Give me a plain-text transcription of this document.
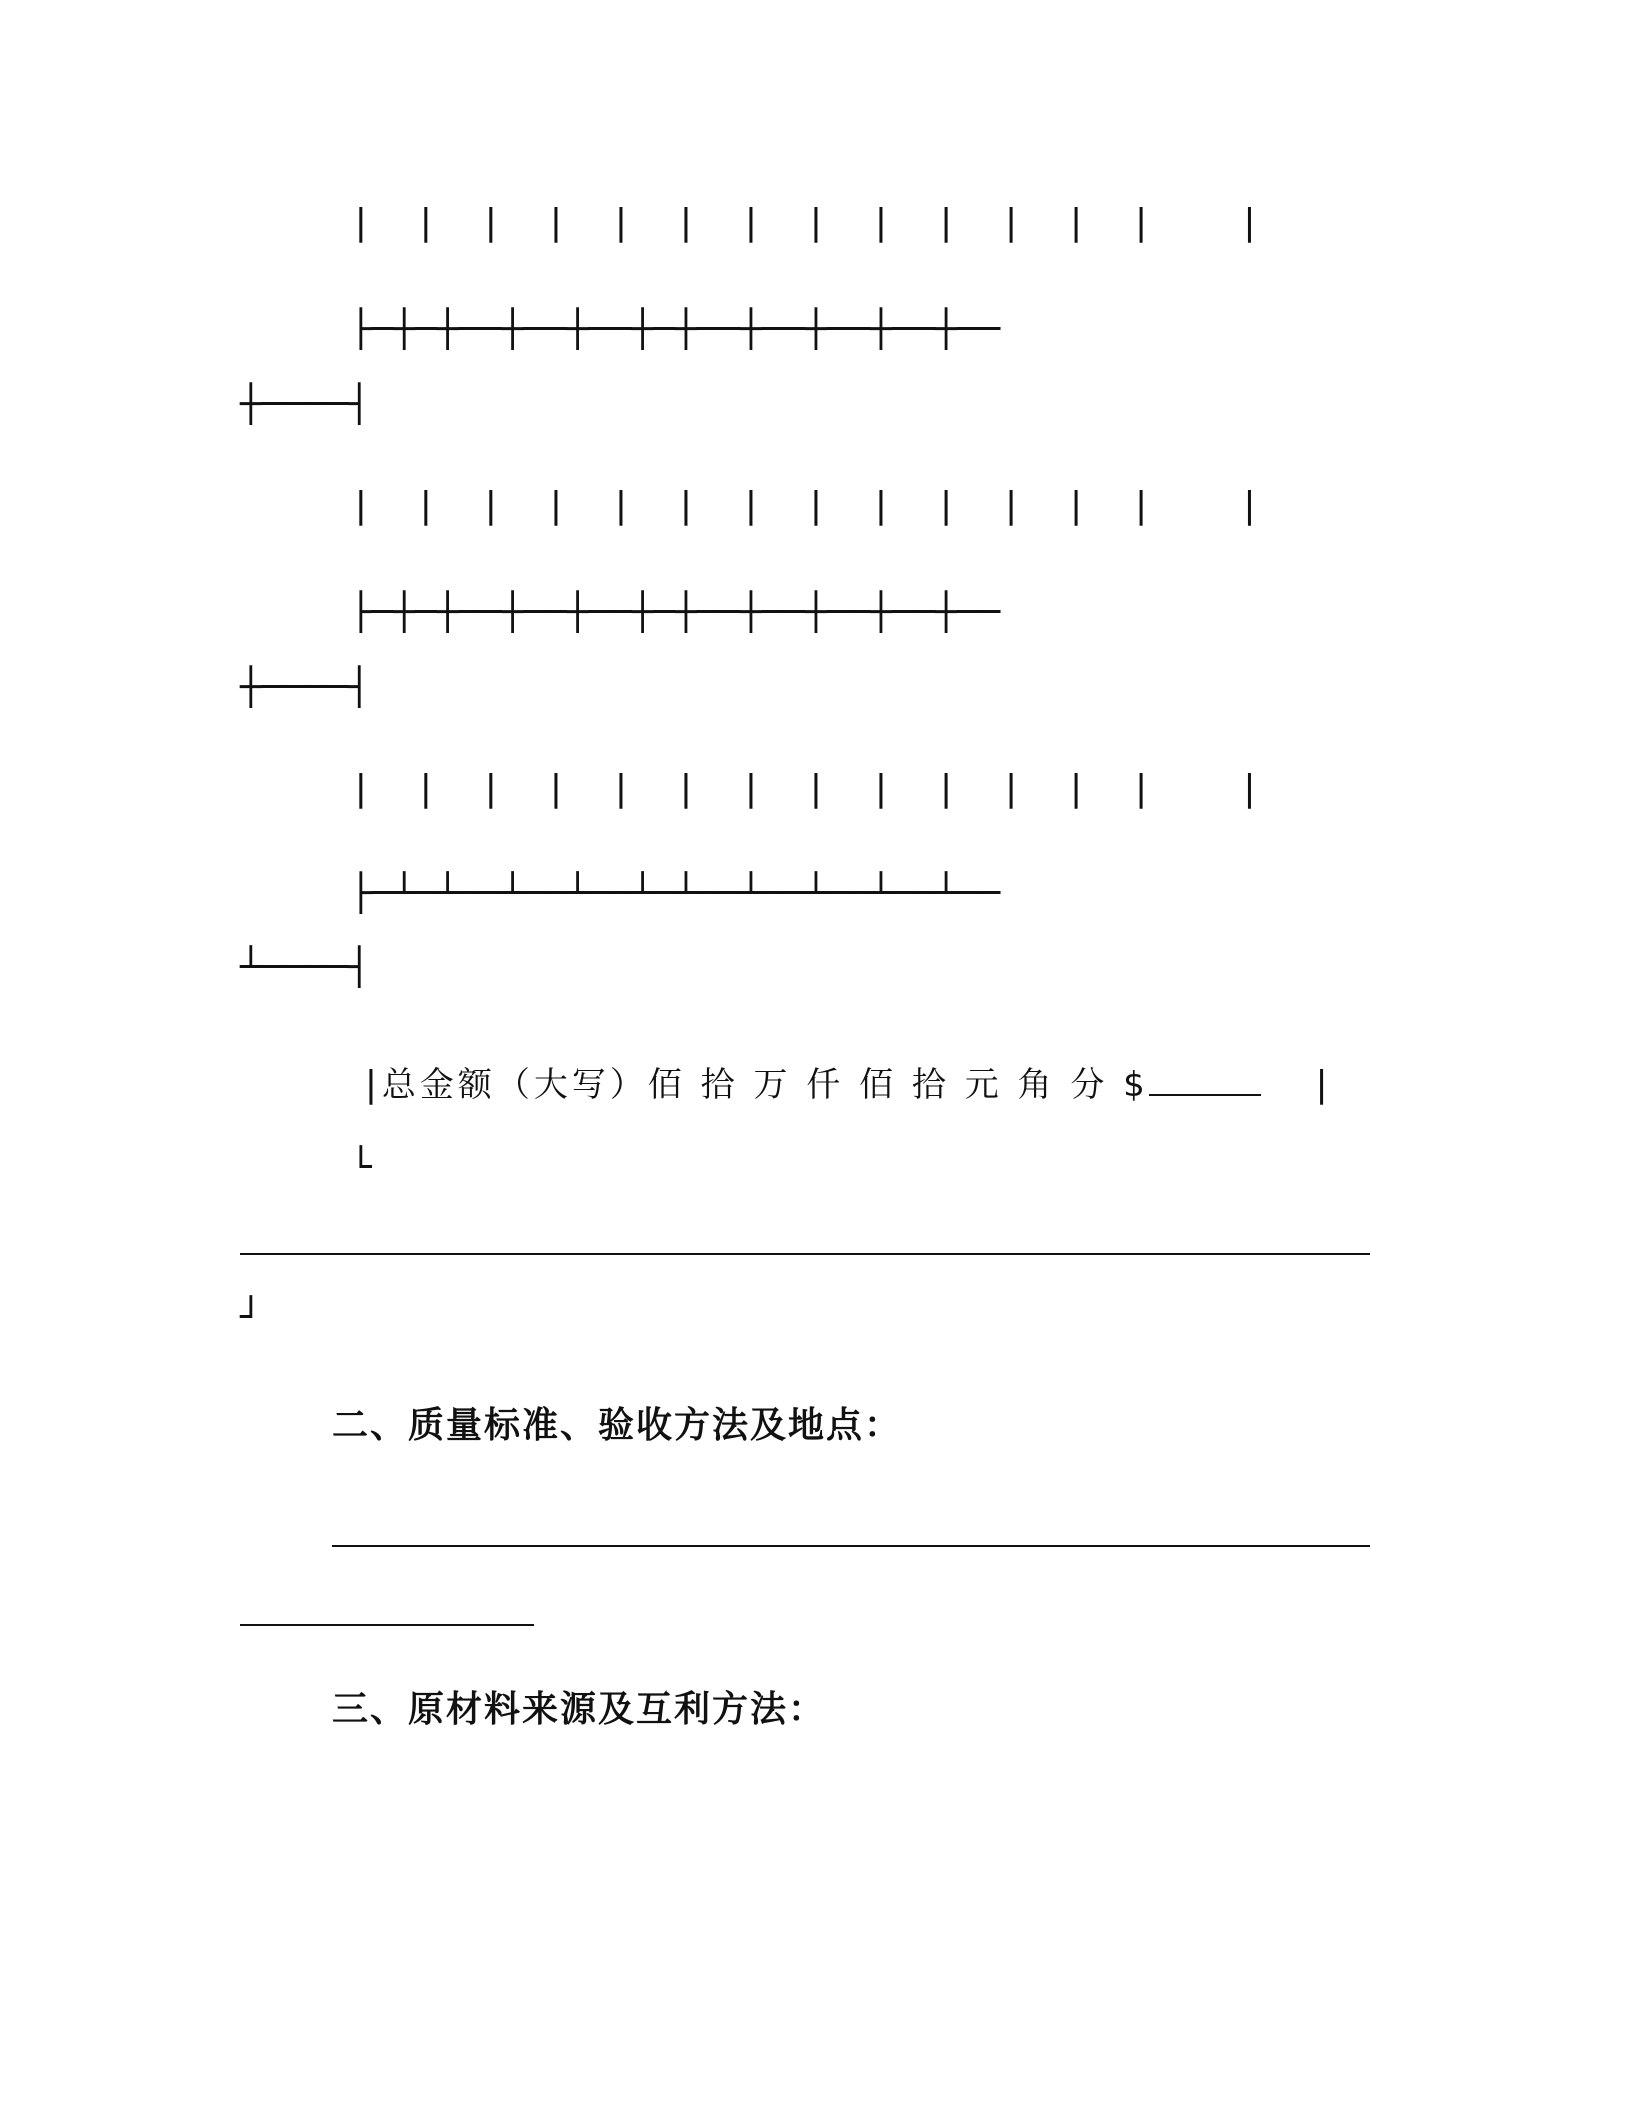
|  |  |  |  |  |  |  |  |  |  |  |  |    |
├─┼─┼──┼──┼──┼─┼──┼──┼──┼──┼──
┼────┤
|  |  |  |  |  |  |  |  |  |  |  |  |    |
├─┼─┼──┼──┼──┼─┼──┼──┼──┼──┼──
┼────┤
|  |  |  |  |  |  |  |  |  |  |  |  |    |
├─┴─┴──┴──┴──┴─┴──┴──┴──┴──┴──
┴────┤

|总金额（大写）佰 拾 万 仟 佰 拾 元 角 分 $	|

└
┘
二、质量标准、验收方法及地点：
三、原材料来源及互利方法：
